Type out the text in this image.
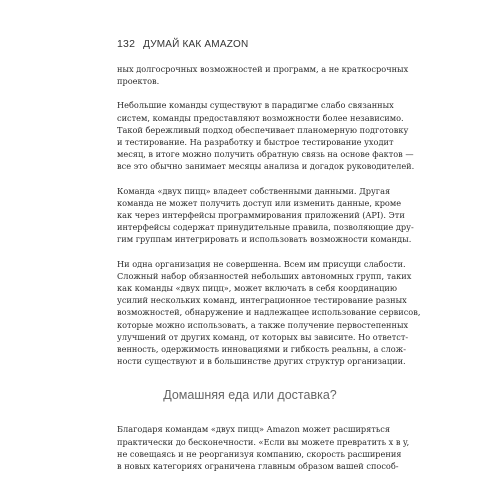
132 ДУМАЙ КАК AMAZON

ных долгосрочных возможностей и программ, а не краткосрочных
проектов.

Небольшие команды существуют в парадигме слабо связанных
систем, команды предоставляют возможности более независимо.
Такой бережливый подход обеспечивает планомерную подготовку
и тестирование. На разработку и быстрое тестирование уходит
месяц, в итоге можно получить обратную связь на основе фактов —
все это обычно занимает месяцы анализа и догадок руководителей.

Команда «двух пицц» владеет собственными данными. Другая
команда не может получить доступ или изменить данные, кроме
как через интерфейсы программирования приложений (API). Эти
интерфейсы содержат принудительные правила, позволяющие дру-
гим группам интегрировать и использовать возможности команды.

Ни одна организация не совершенна. Всем им присущи слабости.
Сложный набор обязанностей небольших автономных групп, таких
как команды «двух пицц», может включать в себя координацию
усилий нескольких команд, интеграционное тестирование разных
возможностей, обнаружение и надлежащее использование сервисов,
которые можно использовать, а также получение первостепенных
улучшений от других команд, от которых вы зависите. Но ответст-
венность, одержимость инновациями и гибкость реальны, а слож-
ности существуют и в большинстве других структур организации.

Домашняя еда или доставка?

Благодаря командам «двух пицц» Amazon может расширяться
практически до бесконечности. «Если вы можете превратить x в y,
не совещаясь и не реорганизуя компанию, скорость расширения
в новых категориях ограничена главным образом вашей способ-
